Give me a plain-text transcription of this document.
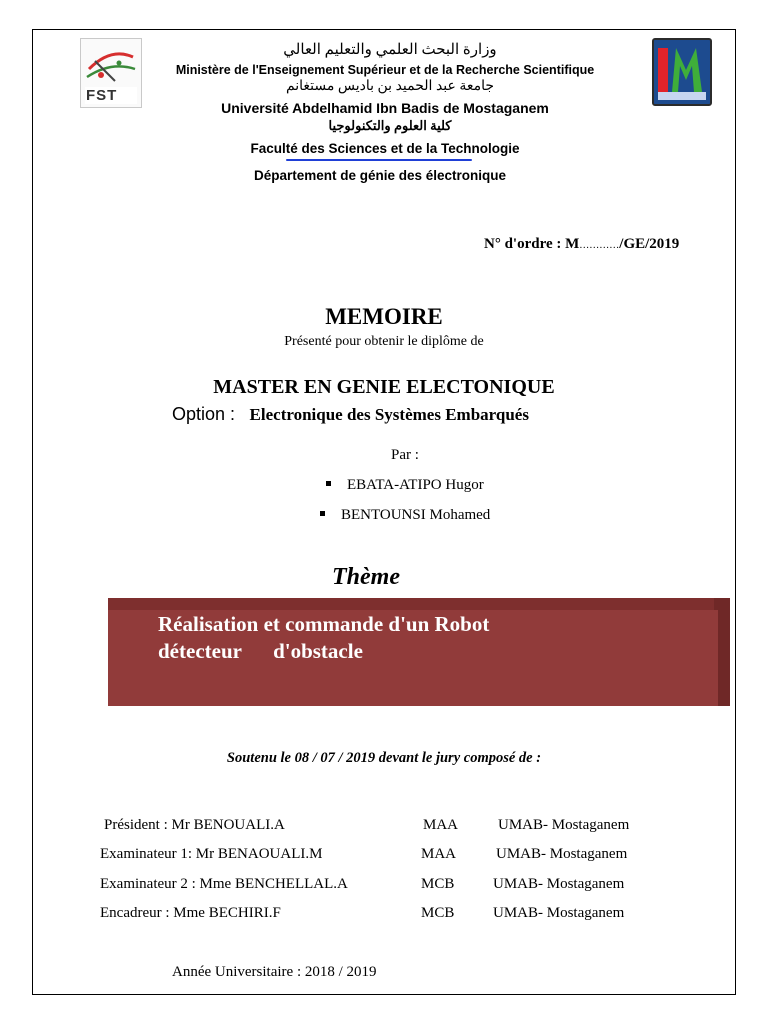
FST
وزارة البحث العلمي والتعليم العالي
Ministère de l'Enseignement Supérieur et de la Recherche Scientifique
جامعة عبد الحميد بن باديس مستغانم
Université Abdelhamid Ibn Badis de Mostaganem
كلية العلوم والتكنولوجيا
Faculté des Sciences et de la Technologie
Département de génie des électronique
N° d'ordre : M…………/GE/2019
MEMOIRE
Présenté pour obtenir le diplôme de
MASTER EN GENIE ELECTONIQUE
Option : Electronique des Systèmes Embarqués
Par :
EBATA-ATIPO Hugor
BENTOUNSI Mohamed
Thème
Réalisation et commande d'un Robot
détecteur      d'obstacle
Soutenu le 08 / 07 / 2019 devant le jury composé de :
Président : Mr BENOUALI.A	MAA	UMAB- Mostaganem
Examinateur 1: Mr BENAOUALI.M	MAA	UMAB- Mostaganem
Examinateur 2 : Mme BENCHELLAL.A	MCB	UMAB- Mostaganem
Encadreur : Mme BECHIRI.F	MCB	UMAB- Mostaganem
Année Universitaire : 2018 / 2019
